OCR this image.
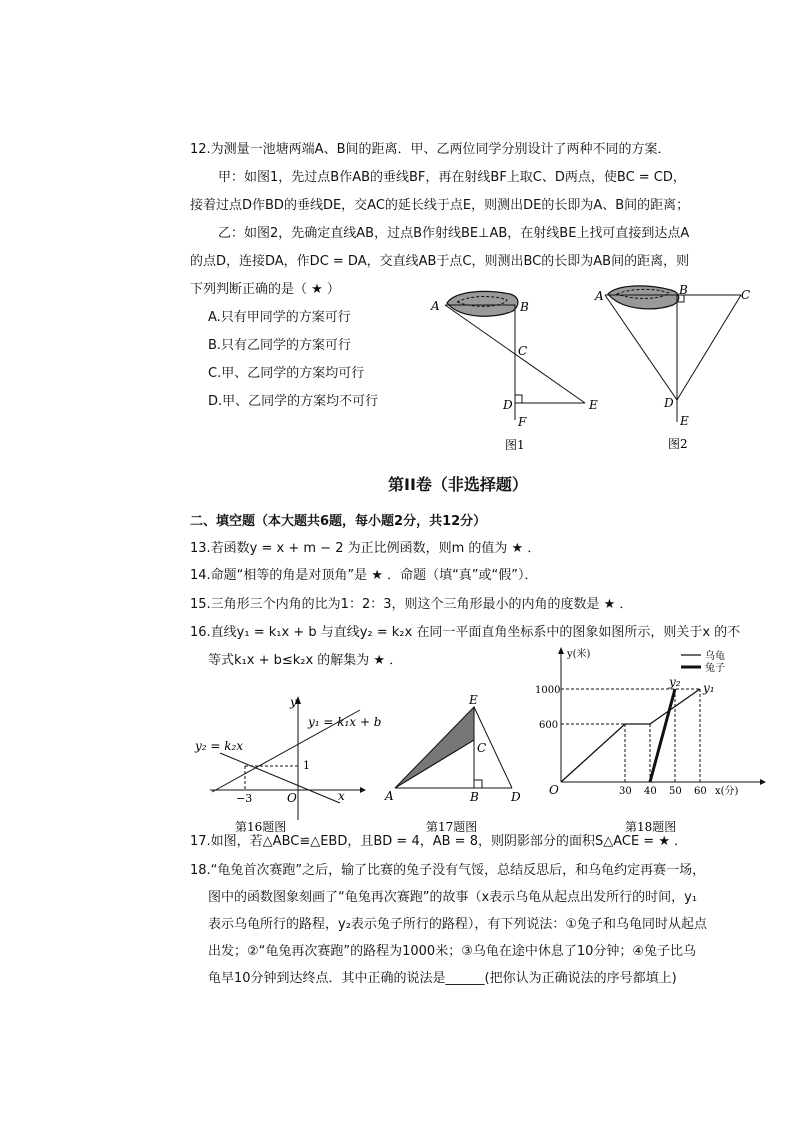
12.为测量一池塘两端A、B间的距离．甲、乙两位同学分别设计了两种不同的方案．
甲：如图1，先过点B作AB的垂线BF，再在射线BF上取C、D两点，使BC = CD，
接着过点D作BD的垂线DE，交AC的延长线于点E，则测出DE的长即为A、B间的距离；
乙：如图2，先确定直线AB，过点B作射线BE⊥AB，在射线BE上找可直接到达点A
的点D，连接DA，作DC = DA，交直线AB于点C，则测出BC的长即为AB间的距离，则
下列判断正确的是（ ★ ）
A.只有甲同学的方案可行
B.只有乙同学的方案可行
C.甲、乙同学的方案均可行
D.甲、乙同学的方案均不可行
A	B
C
D	E
F
图1
A	B	C
D
E
图2
第II卷（非选择题）
二、填空题（本大题共6题，每小题2分，共12分）
13.若函数y = x + m − 2 为正比例函数，则m 的值为 ★ ．
14.命题“相等的角是对顶角”是 ★ ．命题（填“真”或“假”）．
15.三角形三个内角的比为1：2：3，则这个三角形最小的内角的度数是 ★ ．
16.直线y₁ = k₁x + b 与直线y₂ = k₂x 在同一平面直角坐标系中的图象如图所示，则关于x 的不
等式k₁x + b≤k₂x 的解集为 ★ ．
y
x
O
y₁ = k₁x + b
y₂ = k₂x
1
−3
第16题图
A	B
C
D
E
第17题图
乌龟
兔子
y(米)
x(分)
O
1000
600
30 40 50 60
y₁
y₂
第18题图
17.如图，若△ABC≌△EBD，且BD = 4，AB = 8，则阴影部分的面积S△ACE = ★ ．
18.“龟兔首次赛跑”之后，输了比赛的兔子没有气馁，总结反思后，和乌龟约定再赛一场，
图中的函数图象刻画了“龟兔再次赛跑”的故事（x表示乌龟从起点出发所行的时间，y₁
表示乌龟所行的路程，y₂表示兔子所行的路程），有下列说法：①兔子和乌龟同时从起点
出发；②“龟兔再次赛跑”的路程为1000米；③乌龟在途中休息了10分钟；④兔子比乌
龟早10分钟到达终点．其中正确的说法是______(把你认为正确说法的序号都填上)
